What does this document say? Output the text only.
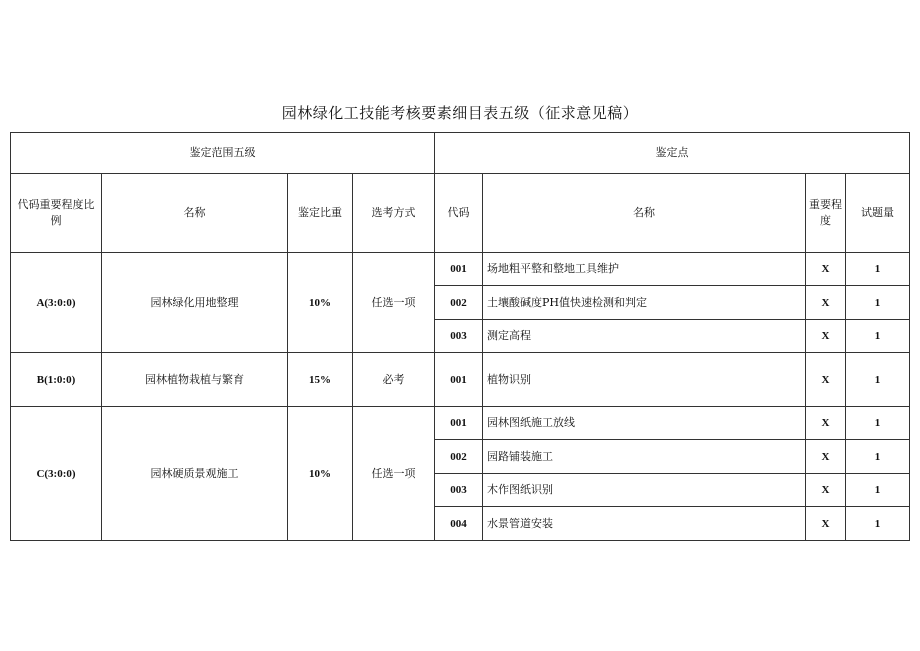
园林绿化工技能考核要素细目表五级（征求意见稿）
鉴定范围五级				鉴定点			
代码重要程度比例	名称	鉴定比重	选考方式	代码	名称	重要程度	试题量
A(3:0:0)	园林绿化用地整理	10%	任选一项	001	场地粗平整和整地工具维护	X	1
				002	土壤酸碱度PH值快速检测和判定	X	1
				003	测定高程	X	1
B(1:0:0)	园林植物栽植与繁育	15%	必考	001	植物识别	X	1
C(3:0:0)	园林硬质景观施工	10%	任选一项	001	园林图纸施工放线	X	1
				002	园路铺装施工	X	1
				003	木作图纸识别	X	1
				004	水景管道安装	X	1
